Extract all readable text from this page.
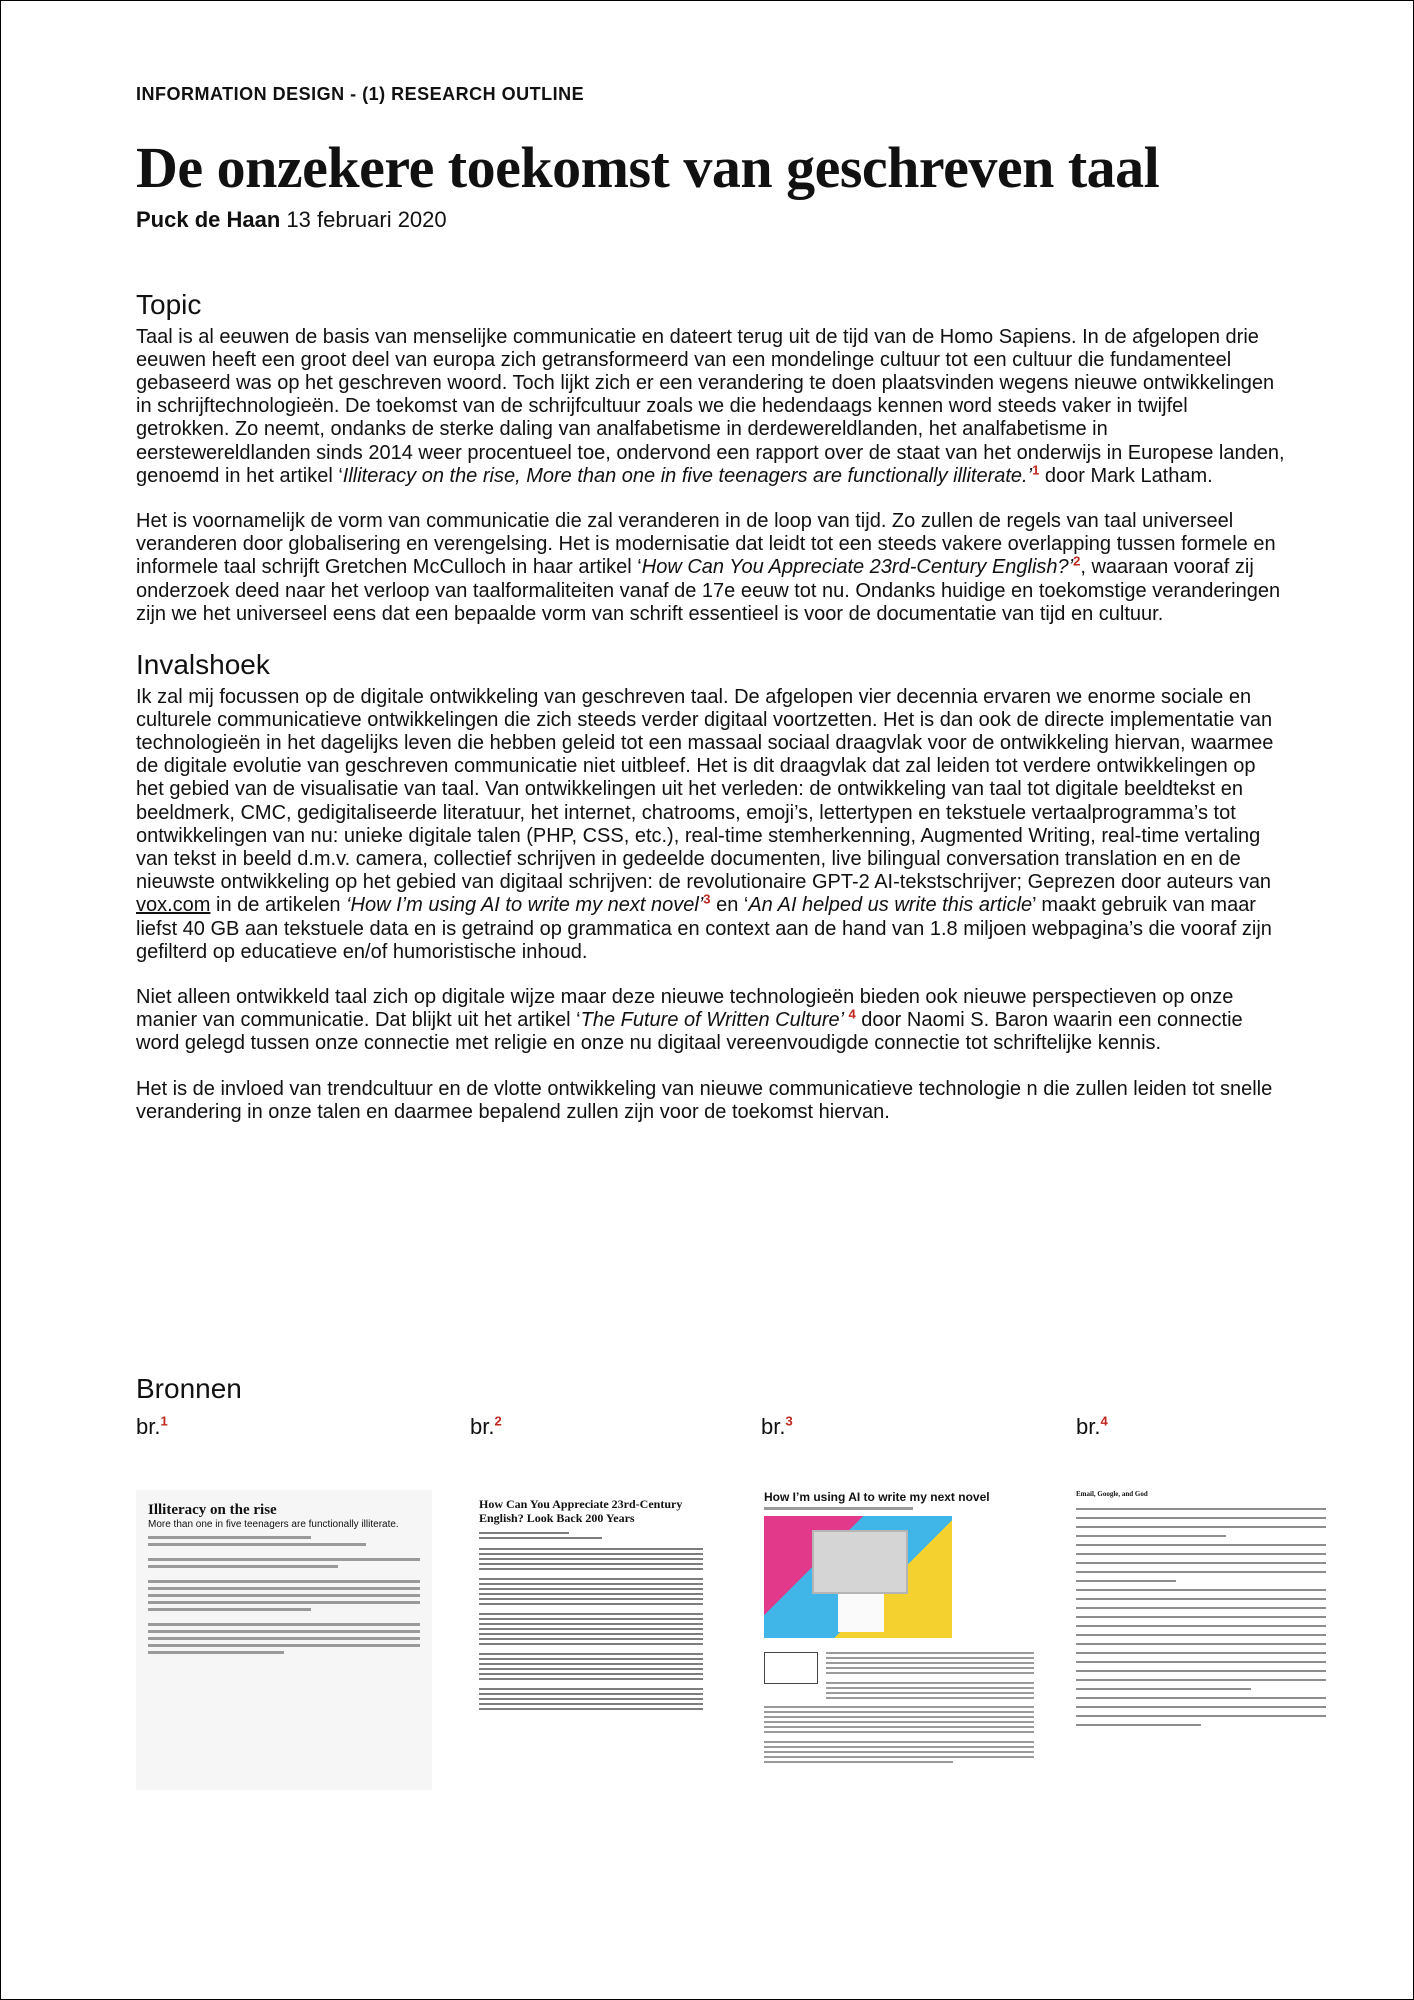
INFORMATION DESIGN - (1) RESEARCH OUTLINE

De onzekere toekomst van geschreven taal

Puck de Haan 13 februari 2020

Topic

Taal is al eeuwen de basis van menselijke communicatie en dateert terug uit de tijd van de Homo Sapiens. In de afgelopen drie eeuwen heeft een groot deel van europa zich getransformeerd van een mondelinge cultuur tot een cultuur die fundamenteel gebaseerd was op het geschreven woord. Toch lijkt zich er een verandering te doen plaatsvinden wegens nieuwe ontwikkelingen in schrijftechnologieën. De toekomst van de schrijfcultuur zoals we die hedendaags kennen word steeds vaker in twijfel getrokken. Zo neemt, ondanks de sterke daling van analfabetisme in derdewereldlanden, het analfabetisme in eerstewereldlanden sinds 2014 weer procentueel toe, ondervond een rapport over de staat van het onderwijs in Europese landen, genoemd in het artikel ‘Illiteracy on the rise, More than one in five teenagers are functionally illiterate.’$^1$ door Mark Latham.

Het is voornamelijk de vorm van communicatie die zal veranderen in de loop van tijd. Zo zullen de regels van taal universeel veranderen door globalisering en verengelsing. Het is modernisatie dat leidt tot een steeds vakere overlapping tussen formele en informele taal schrijft Gretchen McCulloch in haar artikel ‘How Can You Appreciate 23rd-Century English?’$^2$, waaraan vooraf zij onderzoek deed naar het verloop van taalformaliteiten vanaf de 17e eeuw tot nu. Ondanks huidige en toekomstige veranderingen zijn we het universeel eens dat een bepaalde vorm van schrift essentieel is voor de documentatie van tijd en cultuur.

Invalshoek

Ik zal mij focussen op de digitale ontwikkeling van geschreven taal. De afgelopen vier decennia ervaren we enorme sociale en culturele communicatieve ontwikkelingen die zich steeds verder digitaal voortzetten. Het is dan ook de directe implementatie van technologieën in het dagelijks leven die hebben geleid tot een massaal sociaal draagvlak voor de ontwikkeling hiervan, waarmee de digitale evolutie van geschreven communicatie niet uitbleef. Het is dit draagvlak dat zal leiden tot verdere ontwikkelingen op het gebied van de visualisatie van taal. Van ontwikkelingen uit het verleden: de ontwikkeling van taal tot digitale beeldtekst en beeldmerk, CMC, gedigitaliseerde literatuur, het internet, chatrooms, emoji’s, lettertypen en tekstuele vertaalprogramma’s tot ontwikkelingen van nu: unieke digitale talen (PHP, CSS, etc.), real-time stemherkenning, Augmented Writing, real-time vertaling van tekst in beeld d.m.v. camera, collectief schrijven in gedeelde documenten, live bilingual conversation translation en en de nieuwste ontwikkeling op het gebied van digitaal schrijven: de revolutionaire GPT-2 AI-tekstschrijver; Geprezen door auteurs van vox.com in de artikelen ‘How I’m using AI to write my next novel’$^3$ en ‘An AI helped us write this article’ maakt gebruik van maar liefst 40 GB aan tekstuele data en is getraind op grammatica en context aan de hand van 1.8 miljoen webpagina’s die vooraf zijn gefilterd op educatieve en/of humoristische inhoud.

Niet alleen ontwikkeld taal zich op digitale wijze maar deze nieuwe technologieën bieden ook nieuwe perspectieven op onze manier van communicatie. Dat blijkt uit het artikel ‘The Future of Written Culture’ $^4$ door Naomi S. Baron waarin een connectie word gelegd tussen onze connectie met religie en onze nu digitaal vereenvoudigde connectie tot schriftelijke kennis.

Het is de invloed van trendcultuur en de vlotte ontwikkeling van nieuwe communicatieve technologie n die zullen leiden tot snelle verandering in onze talen en daarmee bepalend zullen zijn voor de toekomst hiervan.

Bronnen
br.$^1$	br.$^2$	br.$^3$	br.$^4$

Illiteracy on the rise

More than one in five teenagers are functionally illiterate.

How Can You Appreciate 23rd-Century English? Look Back 200 Years

How I’m using AI to write my next novel	Email, Google, and God
